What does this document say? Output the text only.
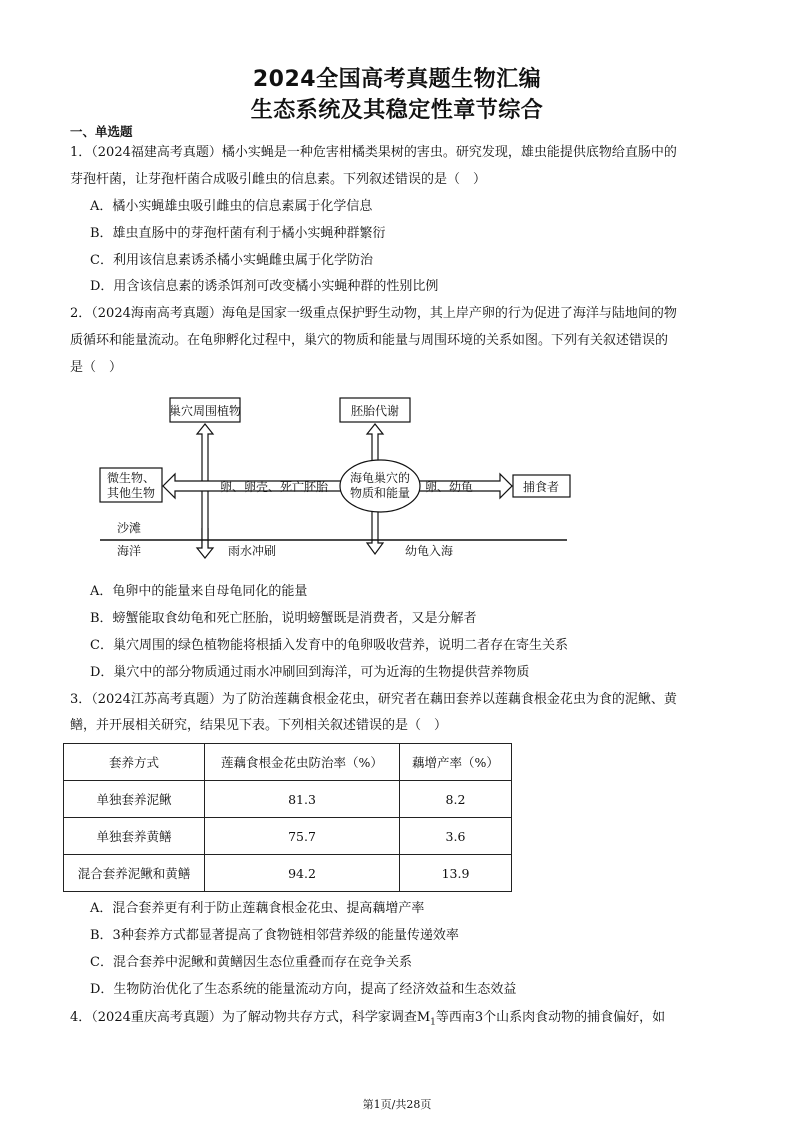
2024全国高考真题生物汇编
生态系统及其稳定性章节综合
一、单选题
1．（2024福建高考真题）橘小实蝇是一种危害柑橘类果树的害虫。研究发现，雄虫能提供底物给直肠中的
芽孢杆菌，让芽孢杆菌合成吸引雌虫的信息素。下列叙述错误的是（　）
A．橘小实蝇雄虫吸引雌虫的信息素属于化学信息
B．雄虫直肠中的芽孢杆菌有利于橘小实蝇种群繁衍
C．利用该信息素诱杀橘小实蝇雌虫属于化学防治
D．用含该信息素的诱杀饵剂可改变橘小实蝇种群的性别比例
2．（2024海南高考真题）海龟是国家一级重点保护野生动物，其上岸产卵的行为促进了海洋与陆地间的物
质循环和能量流动。在龟卵孵化过程中，巢穴的物质和能量与周围环境的关系如图。下列有关叙述错误的
是（　）
巢穴周围植物	胚胎代谢
微生物、
其他生物	捕食者
卵、卵壳、死亡胚胎	卵、幼龟
海龟巢穴的
物质和能量
沙滩
海洋	雨水冲刷	幼龟入海
A．龟卵中的能量来自母龟同化的能量
B．螃蟹能取食幼龟和死亡胚胎，说明螃蟹既是消费者，又是分解者
C．巢穴周围的绿色植物能将根插入发育中的龟卵吸收营养，说明二者存在寄生关系
D．巢穴中的部分物质通过雨水冲刷回到海洋，可为近海的生物提供营养物质
3．（2024江苏高考真题）为了防治莲藕食根金花虫，研究者在藕田套养以莲藕食根金花虫为食的泥鳅、黄
鳝，并开展相关研究，结果见下表。下列相关叙述错误的是（　）
套养方式	莲藕食根金花虫防治率（%）	藕增产率（%）
单独套养泥鳅	81.3	8.2
单独套养黄鳝	75.7	3.6
混合套养泥鳅和黄鳝	94.2	13.9
A．混合套养更有利于防止莲藕食根金花虫、提高藕增产率
B．3种套养方式都显著提高了食物链相邻营养级的能量传递效率
C．混合套养中泥鳅和黄鳝因生态位重叠而存在竞争关系
D．生物防治优化了生态系统的能量流动方向，提高了经济效益和生态效益
4．（2024重庆高考真题）为了解动物共存方式，科学家调查$M_1$等西南3个山系肉食动物的捕食偏好，如
第1页/共28页
